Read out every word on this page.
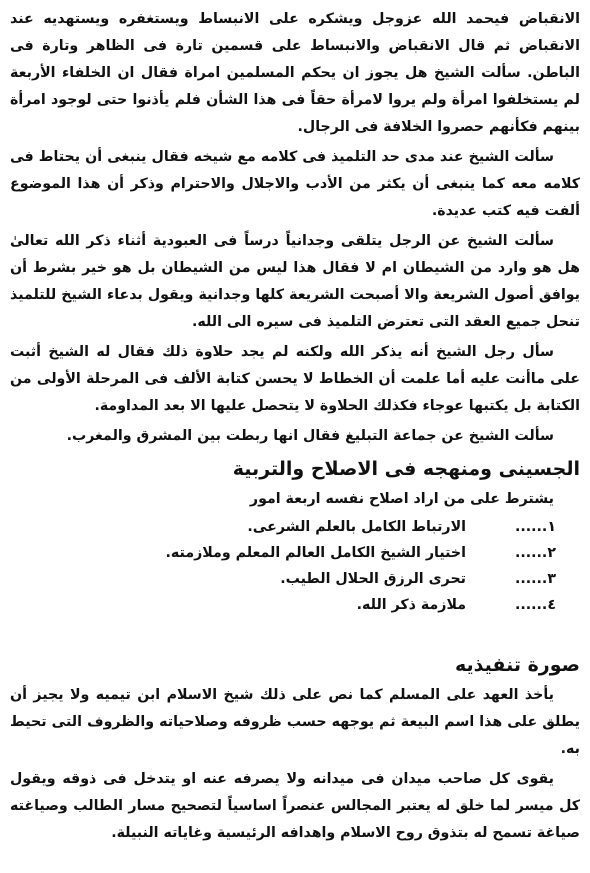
الانقباض فيحمد الله عزوجل ويشكره على الانبساط ويستغفره ويستهديه عند الانقباض ثم قال الانقباض والانبساط على قسمين تارة فى الظاهر وتارة فى الباطن. سألت الشيخ هل يجوز ان يحكم المسلمين امراة فقال ان الخلفاء الأربعة لم يستخلفوا امرأة ولم يروا لامرأة حقاً فى هذا الشأن فلم يأذنوا حتى لوجود امرأة بينهم فكأنهم حصروا الخلافة فى الرجال.

سألت الشيخ عند مدى حد التلميذ فى كلامه مع شيخه فقال ينبغى أن يحتاط فى كلامه معه كما ينبغى أن يكثر من الأدب والاجلال والاحترام وذكر أن هذا الموضوع ألفت فيه كتب عديدة.

سألت الشيخ عن الرجل يتلقى وجدانياً درساً فى العبودية أثناء ذكر الله تعالىٰ هل هو وارد من الشيطان ام لا فقال هذا ليس من الشيطان بل هو خير بشرط أن يوافق أصول الشريعة والا أصبحت الشريعة كلها وجدانية ويقول بدعاء الشيخ للتلميذ تنحل جميع العقد التى تعترض التلميذ فى سيره الى الله.

سأل رجل الشيخ أنه يذكر الله ولكنه لم يجد حلاوة ذلك فقال له الشيخ أثبت على ماأنت عليه أما علمت أن الخطاط لا يحسن كتابة الألف فى المرحلة الأولى من الكتابة بل يكتبها عوجاء فكذلك الحلاوة لا يتحصل عليها الا بعد المداومة.

سألت الشيخ عن جماعة التبليغ فقال انها ربطت بين المشرق والمغرب.

الجسينى ومنهجه فى الاصلاح والتربية

يشترط على من اراد اصلاح نفسه اربعة امور

١......
الارتباط الكامل بالعلم الشرعى.
٢......
اختيار الشيخ الكامل العالم المعلم وملازمته.
٣......
تحرى الرزق الحلال الطيب.
٤......
ملازمة ذكر الله.
صورة تنفيذيه

يأخذ العهد على المسلم كما نص على ذلك شيخ الاسلام ابن تيميه ولا يجيز أن يطلق على هذا اسم البيعة ثم يوجهه حسب ظروفه وصلاحياته والظروف التى تحيط به.

يقوى كل صاحب ميدان فى ميدانه ولا يصرفه عنه او يتدخل فى ذوقه ويقول كل ميسر لما خلق له يعتبر المجالس عنصراً اساسياً لتصحيح مسار الطالب وصياغته صياغة تسمح له بتذوق روح الاسلام واهدافه الرئيسية وغاياته النبيلة.
